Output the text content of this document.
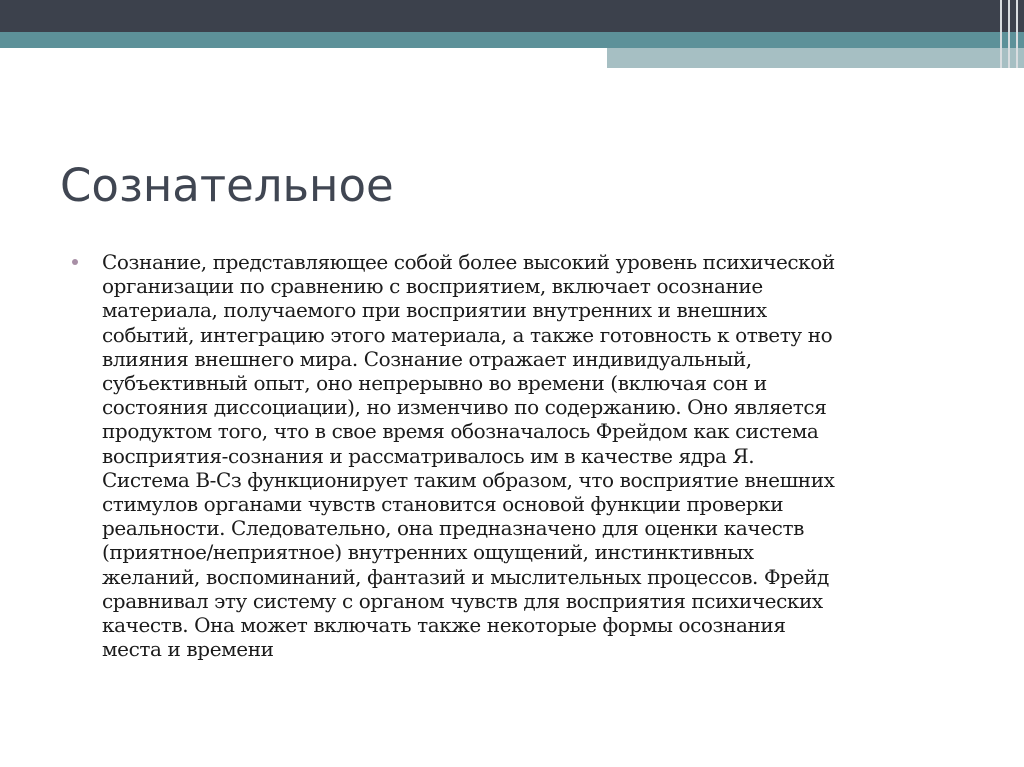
Сознательное
Сознание, представляющее собой более высокий уровень психической
организации по сравнению с восприятием, включает осознание
материала, получаемого при восприятии внутренних и внешних
событий, интеграцию этого материала, а также готовность к ответу но
влияния внешнего мира. Сознание отражает индивидуальный,
субъективный опыт, оно непрерывно во времени (включая сон и
состояния диссоциации), но изменчиво по содержанию. Оно является
продуктом того, что в свое время обозначалось Фрейдом как система
восприятия-сознания и рассматривалось им в качестве ядра Я.
Система В-Сз функционирует таким образом, что восприятие внешних
стимулов органами чувств становится основой функции проверки
реальности. Следовательно, она предназначено для оценки качеств
(приятное/неприятное) внутренних ощущений, инстинктивных
желаний, воспоминаний, фантазий и мыслительных процессов. Фрейд
сравнивал эту систему с органом чувств для восприятия психических
качеств. Она может включать также некоторые формы осознания
места и времени
